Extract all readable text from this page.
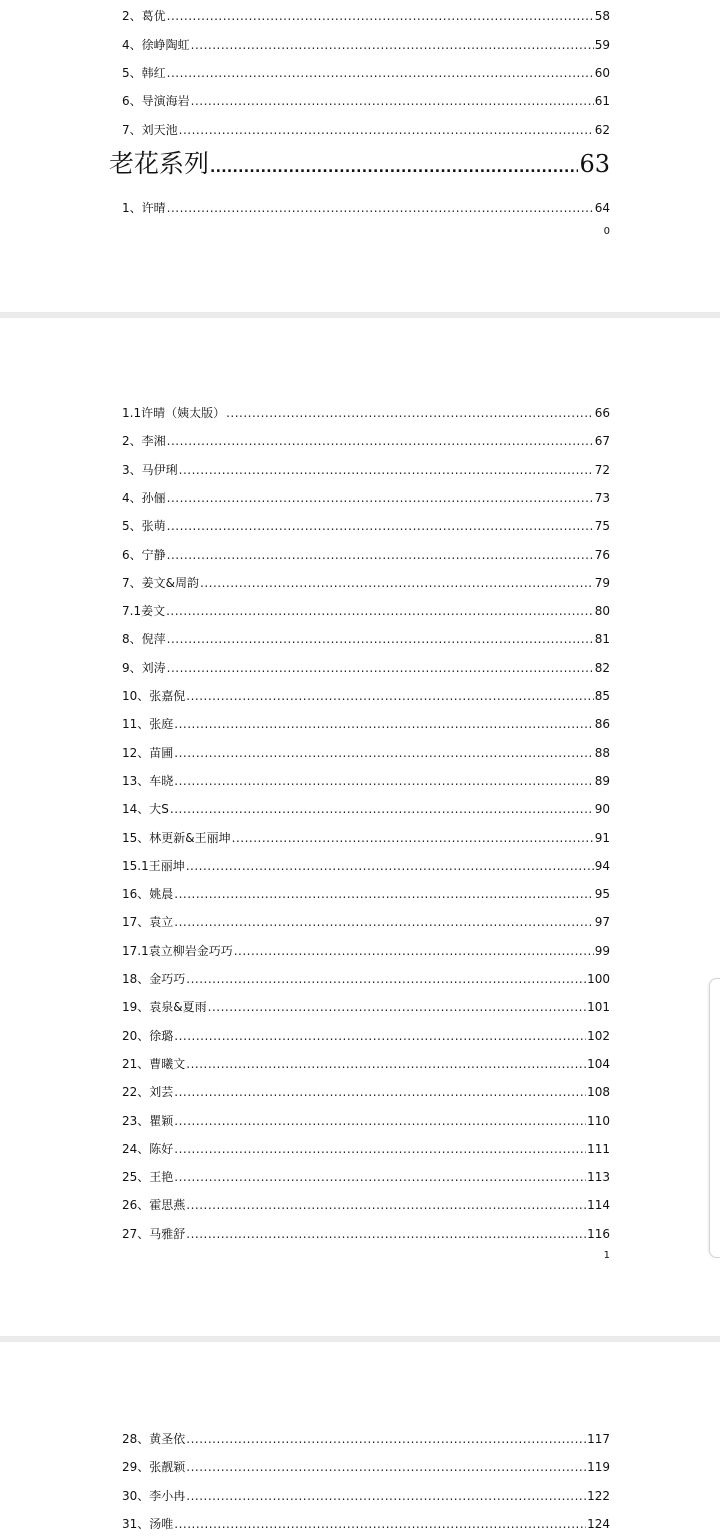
2、葛优 .....	58
4、徐峥陶虹 .....	59
5、韩红 .....	60
6、导演海岩 .....	61
7、刘天池 .....	62
老花系列 .....	63
1、许晴 .....	64
0
1.1许晴（姨太版） .....	66
2、李湘 .....	67
3、马伊琍 .....	72
4、孙俪 .....	73
5、张萌 .....	75
6、宁静 .....	76
7、姜文&周韵 .....	79
7.1姜文 .....	80
8、倪萍 .....	81
9、刘涛 .....	82
10、张嘉倪 .....	85
11、张庭 .....	86
12、苗圃 .....	88
13、车晓 .....	89
14、大S .....	90
15、林更新&王丽坤 .....	91
15.1王丽坤 .....	94
16、姚晨 .....	95
17、袁立 .....	97
17.1袁立柳岩金巧巧 .....	99
18、金巧巧 .....	100
19、袁泉&夏雨 .....	101
20、徐璐 .....	102
21、曹曦文 .....	104
22、刘芸 .....	108
23、瞿颖 .....	110
24、陈好 .....	111
25、王艳 .....	113
26、霍思燕 .....	114
27、马雅舒 .....	116
1
28、黄圣依 .....	117
29、张靓颖 .....	119
30、李小冉 .....	122
31、汤唯 .....	124
